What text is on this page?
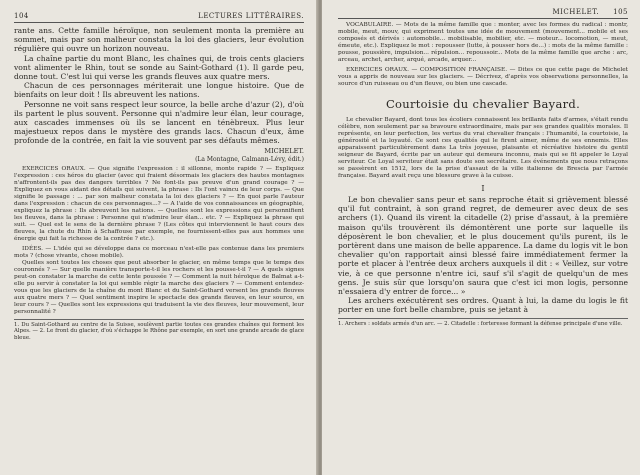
104	LECTURES LITTÉRAIRES.

rante ans. Cette famille héroïque, non seulement monta la première au sommet, mais par son malheur constata la loi des glaciers, leur évolution régulière qui ouvre un horizon nouveau.

La chaîne partie du mont Blanc, les chaînes qui, de trois cents glaciers vont alimenter le Rhin, tout se sonde au Saint-Gothard (1). Il garde peu, donne tout. C'est lui qui verse les grands fleuves aux quatre mers.

Chacun de ces personnages mériterait une longue histoire. Que de bienfaits on leur doit ! Ils abreuvent les nations.

Personne ne voit sans respect leur source, la belle arche d'azur (2), d'où ils partent le plus souvent. Personne qui n'admire leur élan, leur courage, aux cascades immenses où ils se lancent en ténèbreux. Plus leur majestueux repos dans le mystère des grands lacs. Chacun d'eux, âme profonde de la contrée, en fait la vie souvent par ses défauts mêmes.

MICHELET.
(La Montagne, Calmann-Lévy, édit.)

EXERCICES ORAUX. — Que signifie l'expression : il sillonne, monte rapide ? — Expliquez l'expression : ces héros du glacier (avec qui fraient désormais les glaciers des hautes montagnes n'affrontent-ils pas des dangers terribles ? Ne font-ils pas preuve d'un grand courage ? — Expliquez en vous aidant des détails qui suivent, la phrase : Ils l'ont vaincu de leur corps. — Que signifie le passage : ... par son malheur constata la loi des glaciers ? — En quoi parle l'auteur dans l'expression : chacun de ces personnages...? — A l'aide de vos connaissances en géographie, expliquez la phrase : Ils abreuvent les nations. — Quelles sont les expressions qui personnifient les fleuves, dans la phrase : Personne qui n'admire leur élan... etc. ? — Expliquez la phrase qui suit. — Quel est le sens de la dernière phrase ? (Les côtes qui interviennent le haut cours des fleuves, la chute du Rhin à Schaffouse par exemple, ne fournissent-elles pas aux hommes une énergie qui fait la richesse de la contrée ? etc.).

IDÉES. — L'idée qui se développe dans ce morceau n'est-elle pas contenue dans les premiers mots ? (chose vivante, chose mobile).

Quelles sont toutes les choses que peut absorber le glacier, en même temps que le temps des couronnés ? — Sur quelle manière transporte-t-il les rochers et les pousse-t-il ? — A quels signes peut-on constater la marche de cette lente poussée ? — Comment la nuit héroïque de Balmat a-t-elle pu servir à constater la loi qui semble régir la marche des glaciers ? — Comment entendez-vous que les glaciers de la chaîne du mont Blanc et du Saint-Gothard versent les grands fleuves aux quatre mers ? — Quel sentiment inspire le spectacle des grands fleuves, en leur source, en leur cours ? — Quelles sont les expressions qui traduisent la vie des fleuves, leur mouvement, leur personnalité ?

1. Du Saint-Gothard au centre de la Suisse, soulèvent partie toutes ces grandes chaînes qui forment les Alpes. — 2. Le front du glacier, d'où s'échappe le Rhône par exemple, en sort une grande arcade de glace bleue.
MICHELET. 105

VOCABULAIRE. — Mots de la même famille que : monter, avec les formes du radical : montr, mobile, meut, mouv, qui expriment toutes une idée de mouvement (mouvement... mobile et ses composés et dérivés : automobile... mobilisable, mobilier, etc. — moteur... locomotion, — meut, émeute, etc.). Expliquez le mot : repousser (lutte, à pousser hors de...) : mots de la même famille : pousse, poussière, impulsion... répulsion... repoussoir... Mots de la même famille que arche : arc, arceau, archet, archer, arqué, arcade, arquer...

EXERCICES ORAUX. — COMPOSITION FRANÇAISE. — Dites ce que cette page de Michelet vous a appris de nouveau sur les glaciers. — Décrivez, d'après vos observations personnelles, la source d'un ruisseau ou d'un fleuve, ou bien une cascade.

Courtoisie du chevalier Bayard.

Le chevalier Bayard, dont tous les écoliers connaissent les brillants faits d'armes, s'était rendu célèbre, non seulement par sa bravoure extraordinaire, mais par ses grandes qualités morales. Il représente, en leur perfection, les vertus du vrai chevalier français : l'humanité, la courtoisie, la générosité et la loyauté. Ce sont ces qualités qui le firent aimer, même de ses ennemis. Elles apparaissent particulièrement dans La très joyeuse, plaisante et récréative histoire du gentil seigneur de Bayard, écrite par un auteur qui demeura inconnu, mais qui se fit appeler le Loyal serviteur. Ce Loyal serviteur était sans doute son secrétaire. Les événements que nous retraçons se passèrent en 1512, lors de la prise d'assaut de la ville italienne de Brescia par l'armée française. Bayard avait reçu une blessure grave à la cuisse.

I

Le bon chevalier sans peur et sans reproche était si grièvement blessé qu'il fut contraint, à son grand regret, de demeurer avec deux de ses archers (1). Quand ils virent la citadelle (2) prise d'assaut, à la première maison qu'ils trouvèrent ils démontèrent une porte sur laquelle ils déposèrent le bon chevalier, et le plus doucement qu'ils purent, ils le portèrent dans une maison de belle apparence. La dame du logis vit le bon chevalier qu'on rapportait ainsi blessé faire immédiatement fermer la porte et placer à l'entrée deux archers auxquels il dit : « Veillez, sur votre vie, à ce que personne n'entre ici, sauf s'il s'agit de quelqu'un de mes gens. Je suis sûr que lorsqu'on saura que c'est ici mon logis, personne n'essaiera d'y entrer de force... »

Les archers exécutèrent ses ordres. Quant à lui, la dame du logis le fit porter en une fort belle chambre, puis se jetant à

1. Archers : soldats armés d'un arc. — 2. Citadelle : forteresse formant la défense principale d'une ville.
